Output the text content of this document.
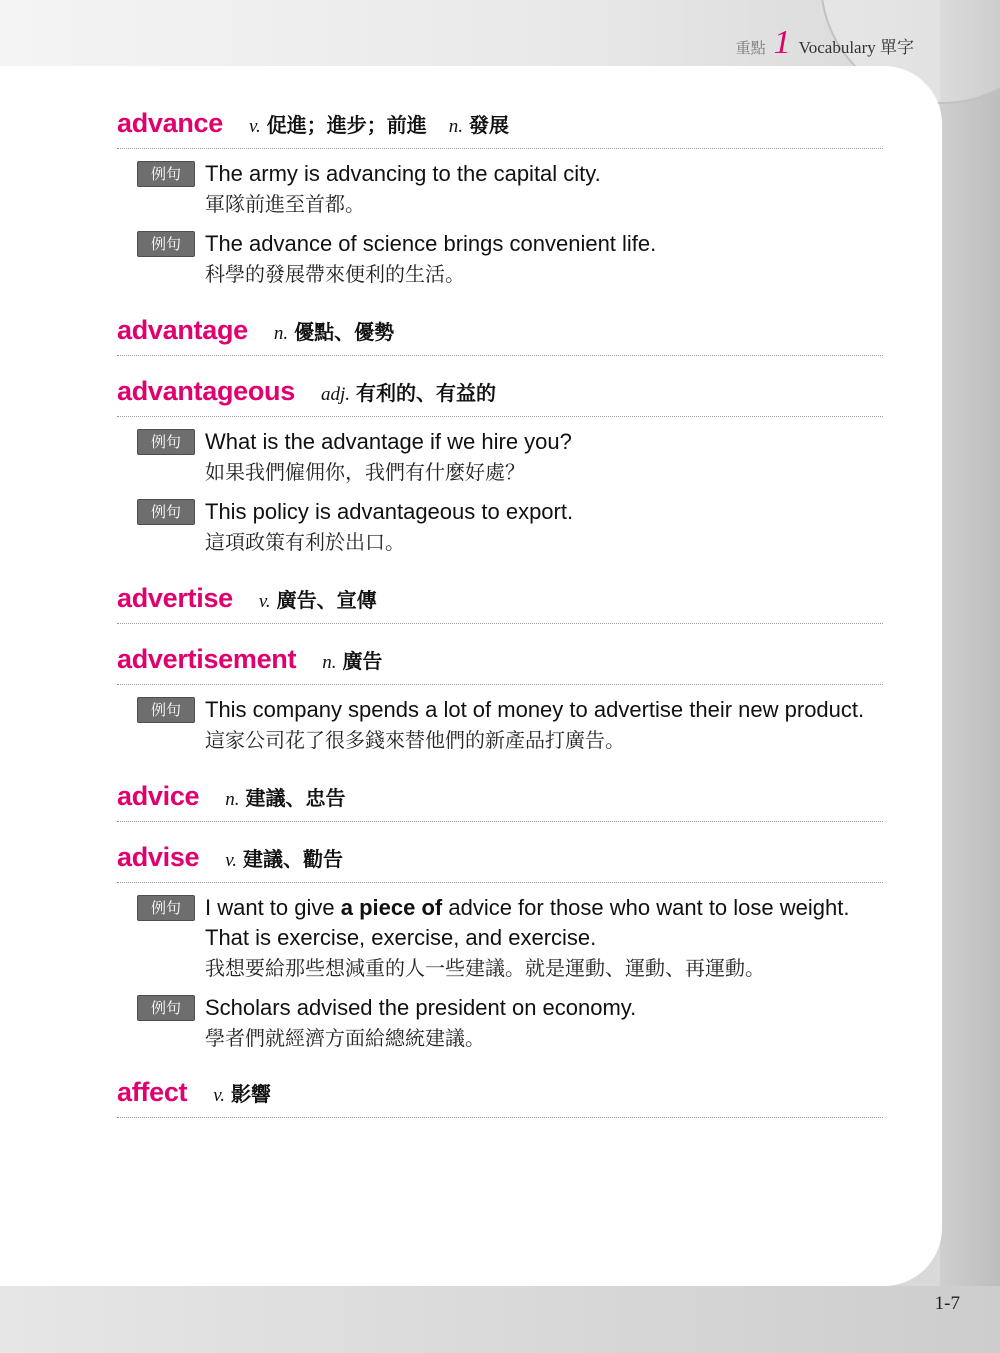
重點 1 Vocabulary 單字
advance v. 促進；進步；前進 n. 發展
例句	The army is advancing to the capital city.
軍隊前進至首都。
例句	The advance of science brings convenient life.
科學的發展帶來便利的生活。
advantage n. 優點、優勢
advantageous adj. 有利的、有益的
例句	What is the advantage if we hire you?
如果我們僱佣你，我們有什麼好處？
例句	This policy is advantageous to export.
這項政策有利於出口。
advertise v. 廣告、宣傳
advertisement n. 廣告
例句	This company spends a lot of money to advertise their new product.
這家公司花了很多錢來替他們的新產品打廣告。
advice n. 建議、忠告
advise v. 建議、勸告
例句	I want to give a piece of advice for those who want to lose weight. That is exercise, exercise, and exercise.
我想要給那些想減重的人一些建議。就是運動、運動、再運動。
例句	Scholars advised the president on economy.
學者們就經濟方面給總統建議。
affect v. 影響
1-7
